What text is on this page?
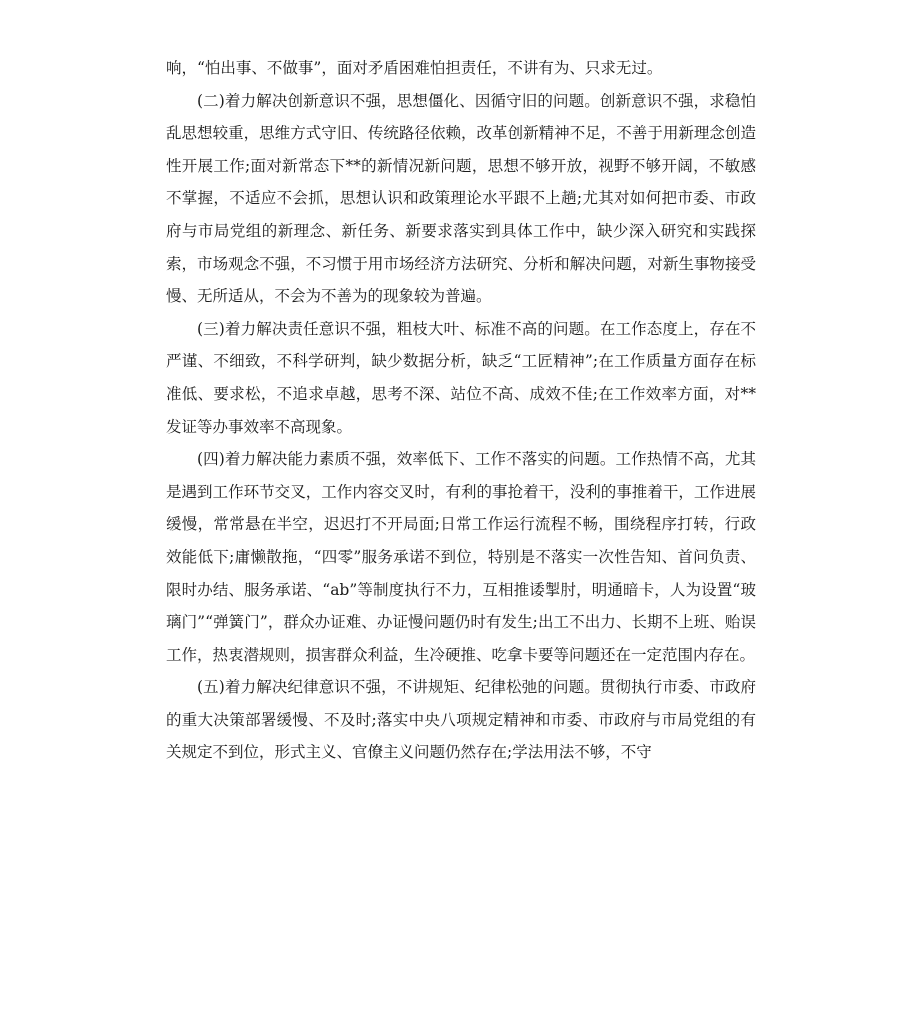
响，“怕出事、不做事”，面对矛盾困难怕担责任，不讲有为、只求无过。

(二)着力解决创新意识不强，思想僵化、因循守旧的问题。创新意识不强，求稳怕乱思想较重，思维方式守旧、传统路径依赖，改革创新精神不足，不善于用新理念创造性开展工作;面对新常态下**的新情况新问题，思想不够开放，视野不够开阔，不敏感不掌握，不适应不会抓，思想认识和政策理论水平跟不上趟;尤其对如何把市委、市政府与市局党组的新理念、新任务、新要求落实到具体工作中，缺少深入研究和实践探索，市场观念不强，不习惯于用市场经济方法研究、分析和解决问题，对新生事物接受慢、无所适从，不会为不善为的现象较为普遍。

(三)着力解决责任意识不强，粗枝大叶、标准不高的问题。在工作态度上，存在不严谨、不细致，不科学研判，缺少数据分析，缺乏“工匠精神”;在工作质量方面存在标准低、要求松，不追求卓越，思考不深、站位不高、成效不佳;在工作效率方面，对**发证等办事效率不高现象。

(四)着力解决能力素质不强，效率低下、工作不落实的问题。工作热情不高，尤其是遇到工作环节交叉，工作内容交叉时，有利的事抢着干，没利的事推着干，工作进展缓慢，常常悬在半空，迟迟打不开局面;日常工作运行流程不畅，围绕程序打转，行政效能低下;庸懒散拖，“四零”服务承诺不到位，特别是不落实一次性告知、首问负责、限时办结、服务承诺、“ab”等制度执行不力，互相推诿掣肘，明通暗卡，人为设置“玻璃门”“弹簧门”，群众办证难、办证慢问题仍时有发生;出工不出力、长期不上班、贻误工作，热衷潜规则，损害群众利益，生冷硬推、吃拿卡要等问题还在一定范围内存在。

(五)着力解决纪律意识不强，不讲规矩、纪律松弛的问题。贯彻执行市委、市政府的重大决策部署缓慢、不及时;落实中央八项规定精神和市委、市政府与市局党组的有关规定不到位，形式主义、官僚主义问题仍然存在;学法用法不够，不守
